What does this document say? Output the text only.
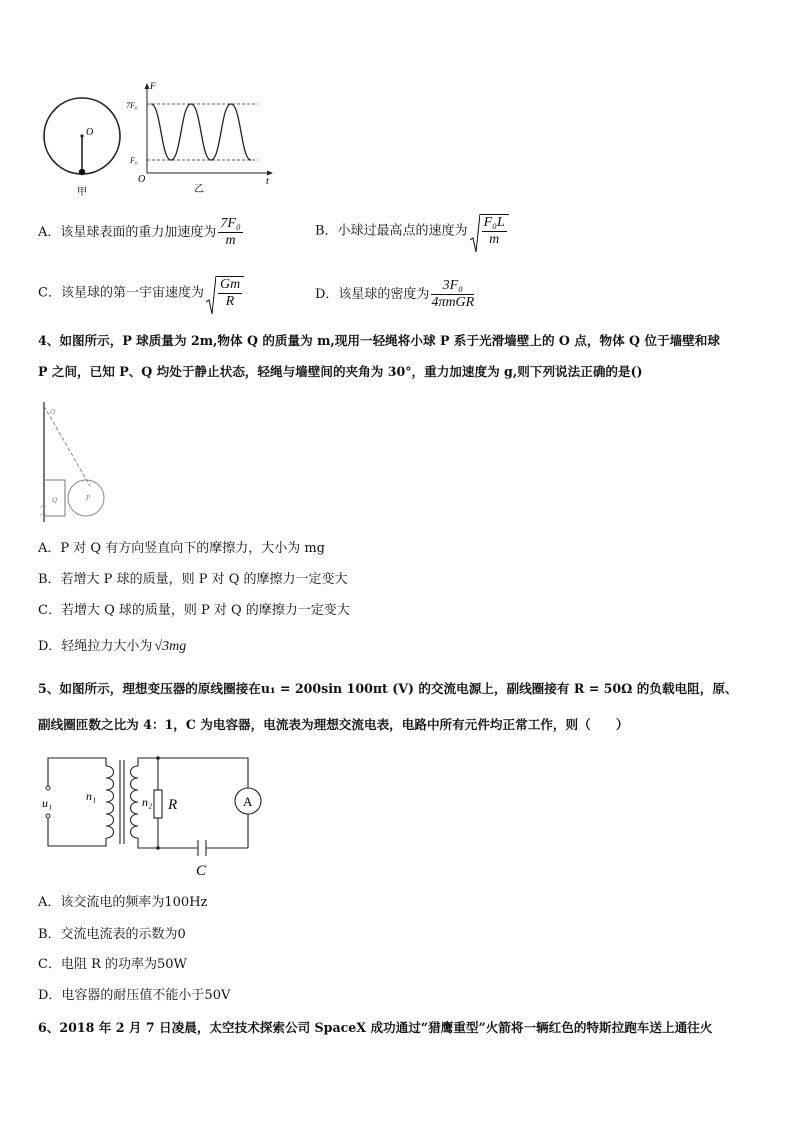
O
甲
F
t
O
7F₀
F₀
乙
A．该星球表面的重力加速度为 $\frac{\text{7F₀}}{m}$	B．小球过最高点的速度为 $\frac{\text{F₀L}}{m}$
C．该星球的第一宇宙速度为 $\frac{Gm}{R}$	D．该星球的密度为 $\frac{\text{3F₀}}{\text{4πmGR}}$
4、如图所示，P 球质量为 2m,物体 Q 的质量为 m,现用一轻绳将小球 P 系于光滑墙壁上的 O 点，物体 Q 位于墙壁和球
P 之间，已知 P、Q 均处于静止状态，轻绳与墙壁间的夹角为 30°，重力加速度为 g,则下列说法正确的是()
O
Q	P
A．P 对 Q 有方向竖直向下的摩擦力，大小为 mg
B．若增大 P 球的质量，则 P 对 Q 的摩擦力一定变大
C．若增大 Q 球的质量，则 P 对 Q 的摩擦力一定变大
D．轻绳拉力大小为 √3mg
5、如图所示，理想变压器的原线圈接在u₁ = 200sin 100πt (V) 的交流电源上，副线圈接有 R = 50Ω 的负载电阻，原、
副线圈匝数之比为 4：1，C 为电容器，电流表为理想交流电表，电路中所有元件均正常工作，则（　　）
u₁	n₁	n₂ R	A
C
A．该交流电的频率为100Hz
B．交流电流表的示数为0
C．电阻 R 的功率为50W
D．电容器的耐压值不能小于50V
6、2018 年 2 月 7 日凌晨，太空技术探索公司 SpaceX 成功通过“猎鹰重型”火箭将一辆红色的特斯拉跑车送上通往火
